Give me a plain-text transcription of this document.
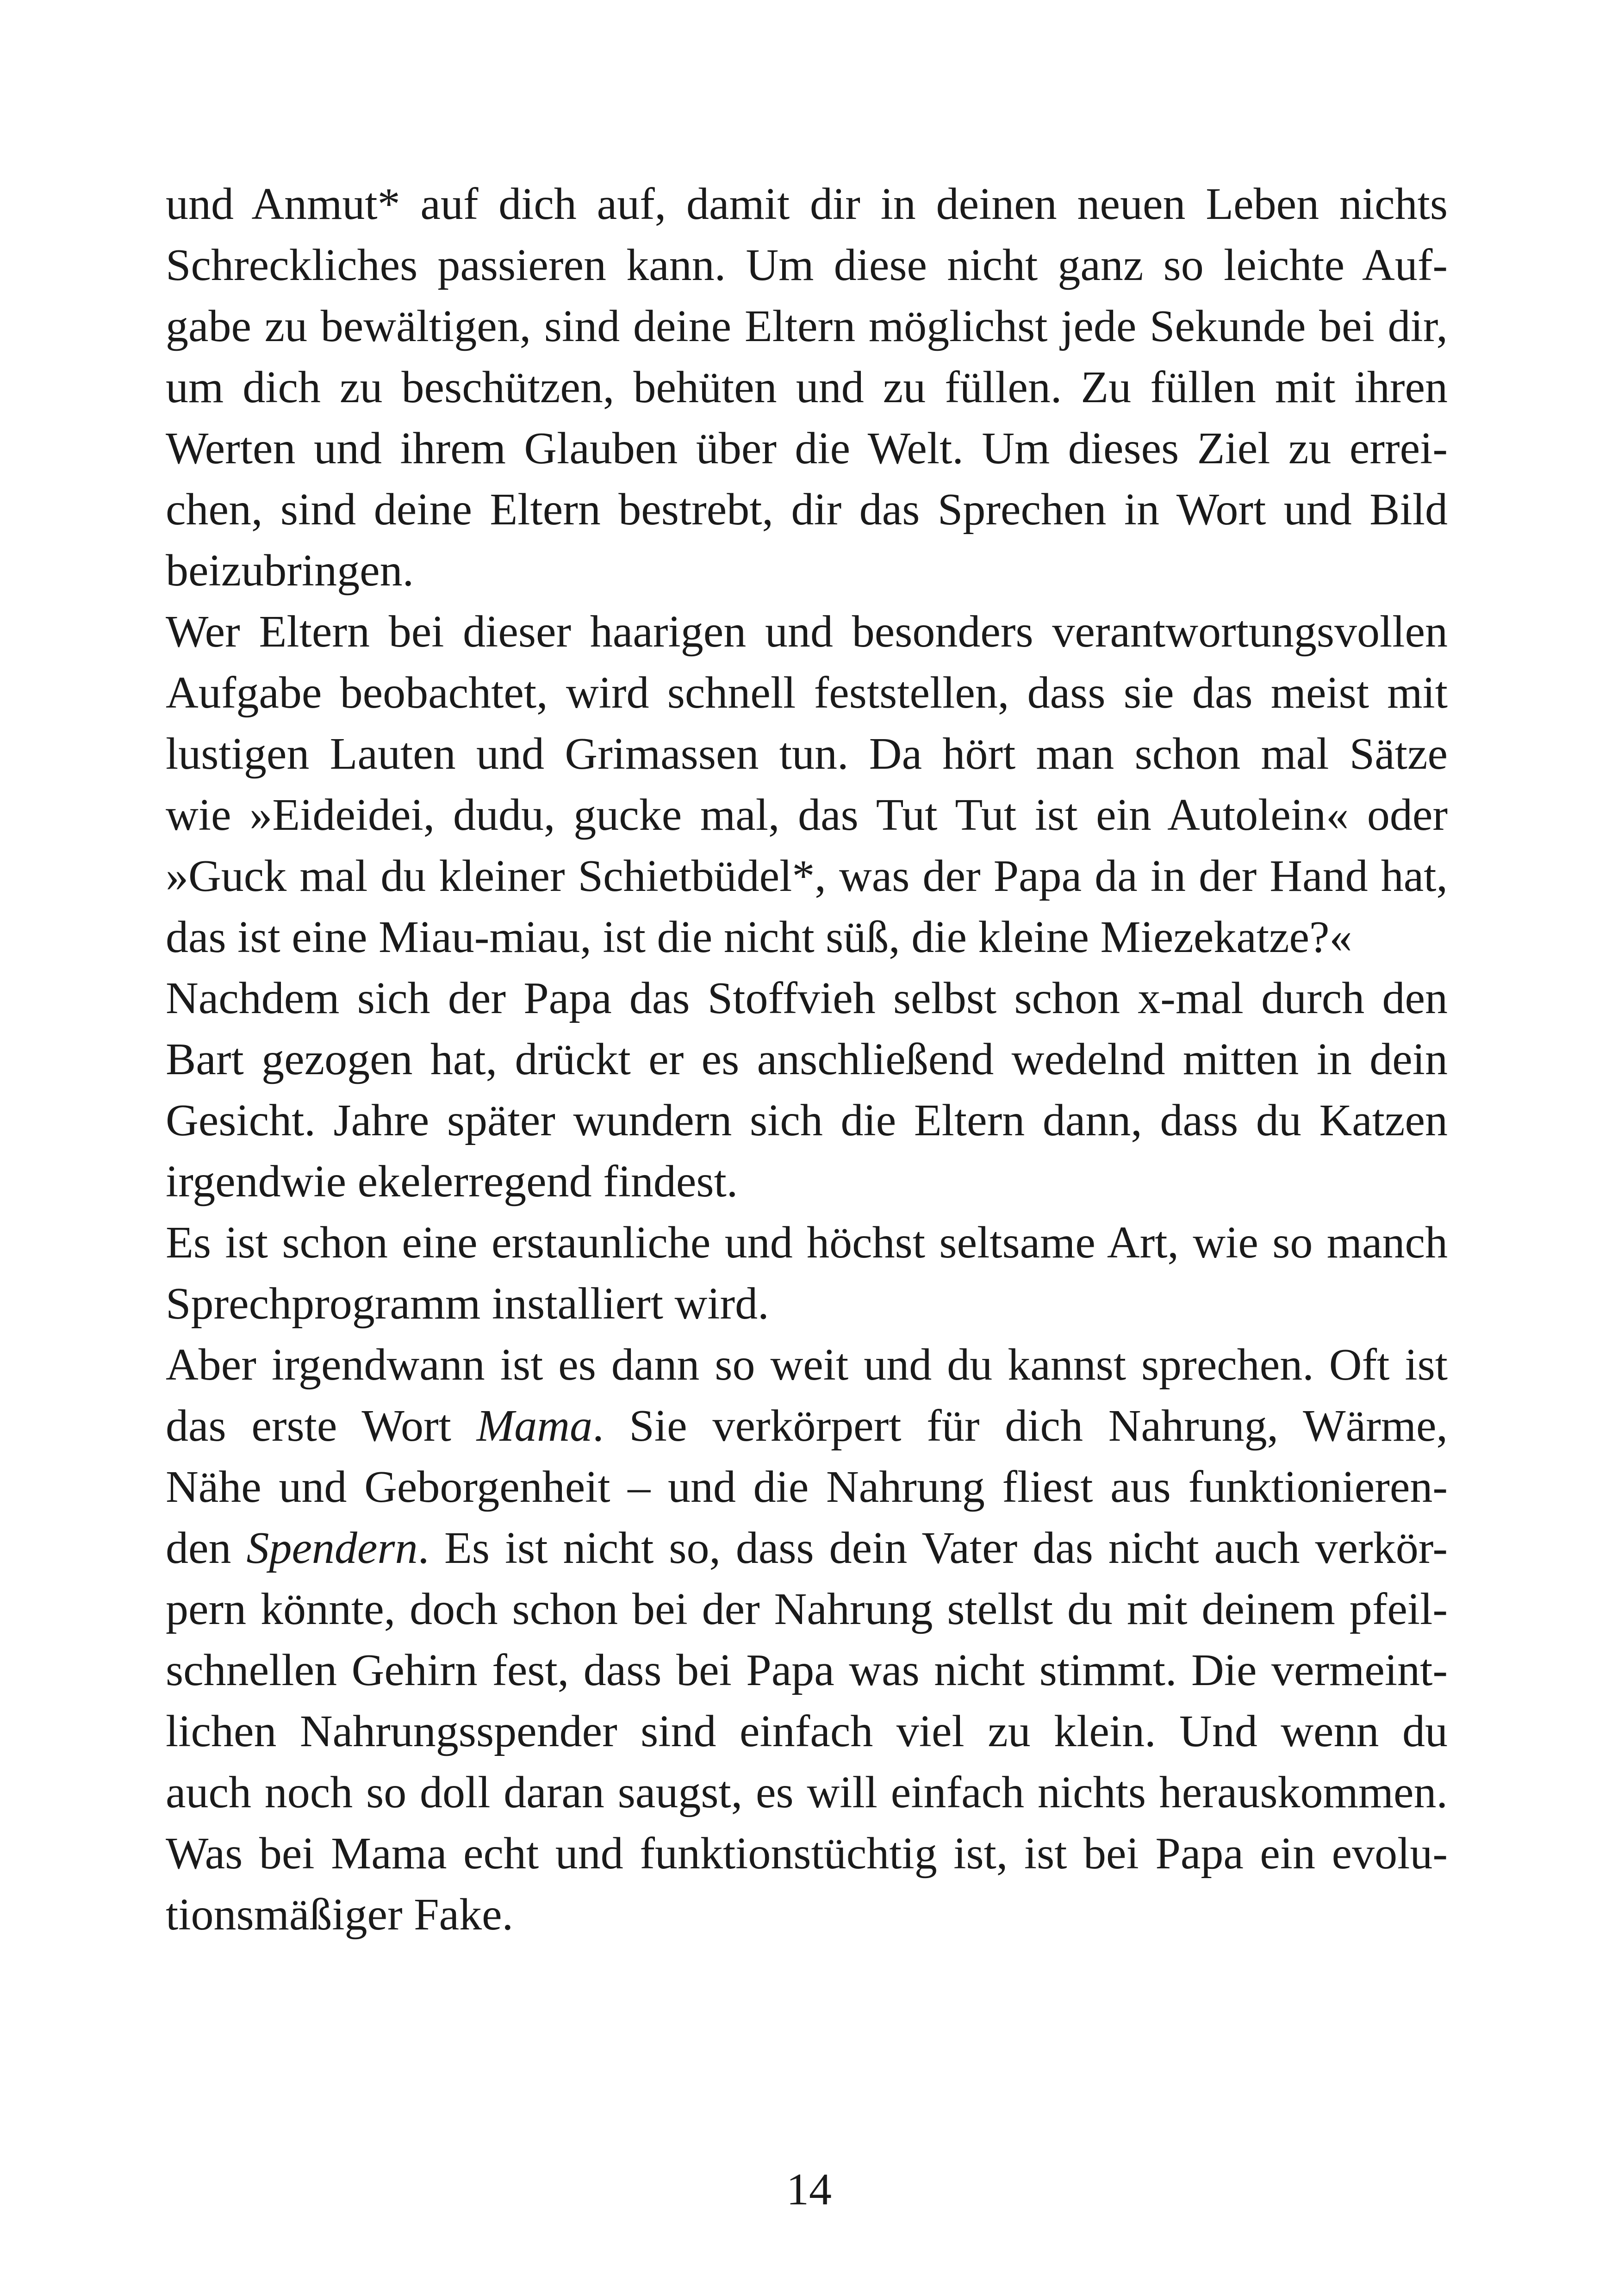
und Anmut* auf dich auf, damit dir in deinen neuen Leben nichts
Schreckliches passieren kann. Um diese nicht ganz so leichte Auf-
gabe zu bewältigen, sind deine Eltern möglichst jede Sekunde bei dir,
um dich zu beschützen, behüten und zu füllen. Zu füllen mit ihren
Werten und ihrem Glauben über die Welt. Um dieses Ziel zu errei-
chen, sind deine Eltern bestrebt, dir das Sprechen in Wort und Bild
beizubringen.
Wer Eltern bei dieser haarigen und besonders verantwortungsvollen
Aufgabe beobachtet, wird schnell feststellen, dass sie das meist mit
lustigen Lauten und Grimassen tun. Da hört man schon mal Sätze
wie »Eideidei, dudu, gucke mal, das Tut Tut ist ein Autolein« oder
»Guck mal du kleiner Schietbüdel*, was der Papa da in der Hand hat,
das ist eine Miau-miau, ist die nicht süß, die kleine Miezekatze?«
Nachdem sich der Papa das Stoffvieh selbst schon x-mal durch den
Bart gezogen hat, drückt er es anschließend wedelnd mitten in dein
Gesicht. Jahre später wundern sich die Eltern dann, dass du Katzen
irgendwie ekelerregend findest.
Es ist schon eine erstaunliche und höchst seltsame Art, wie so manch
Sprechprogramm installiert wird.
Aber irgendwann ist es dann so weit und du kannst sprechen. Oft ist
das erste Wort Mama. Sie verkörpert für dich Nahrung, Wärme,
Nähe und Geborgenheit – und die Nahrung fliest aus funktionieren-
den Spendern. Es ist nicht so, dass dein Vater das nicht auch verkör-
pern könnte, doch schon bei der Nahrung stellst du mit deinem pfeil-
schnellen Gehirn fest, dass bei Papa was nicht stimmt. Die vermeint-
lichen Nahrungsspender sind einfach viel zu klein. Und wenn du
auch noch so doll daran saugst, es will einfach nichts herauskommen.
Was bei Mama echt und funktionstüchtig ist, ist bei Papa ein evolu-
tionsmäßiger Fake.
14
